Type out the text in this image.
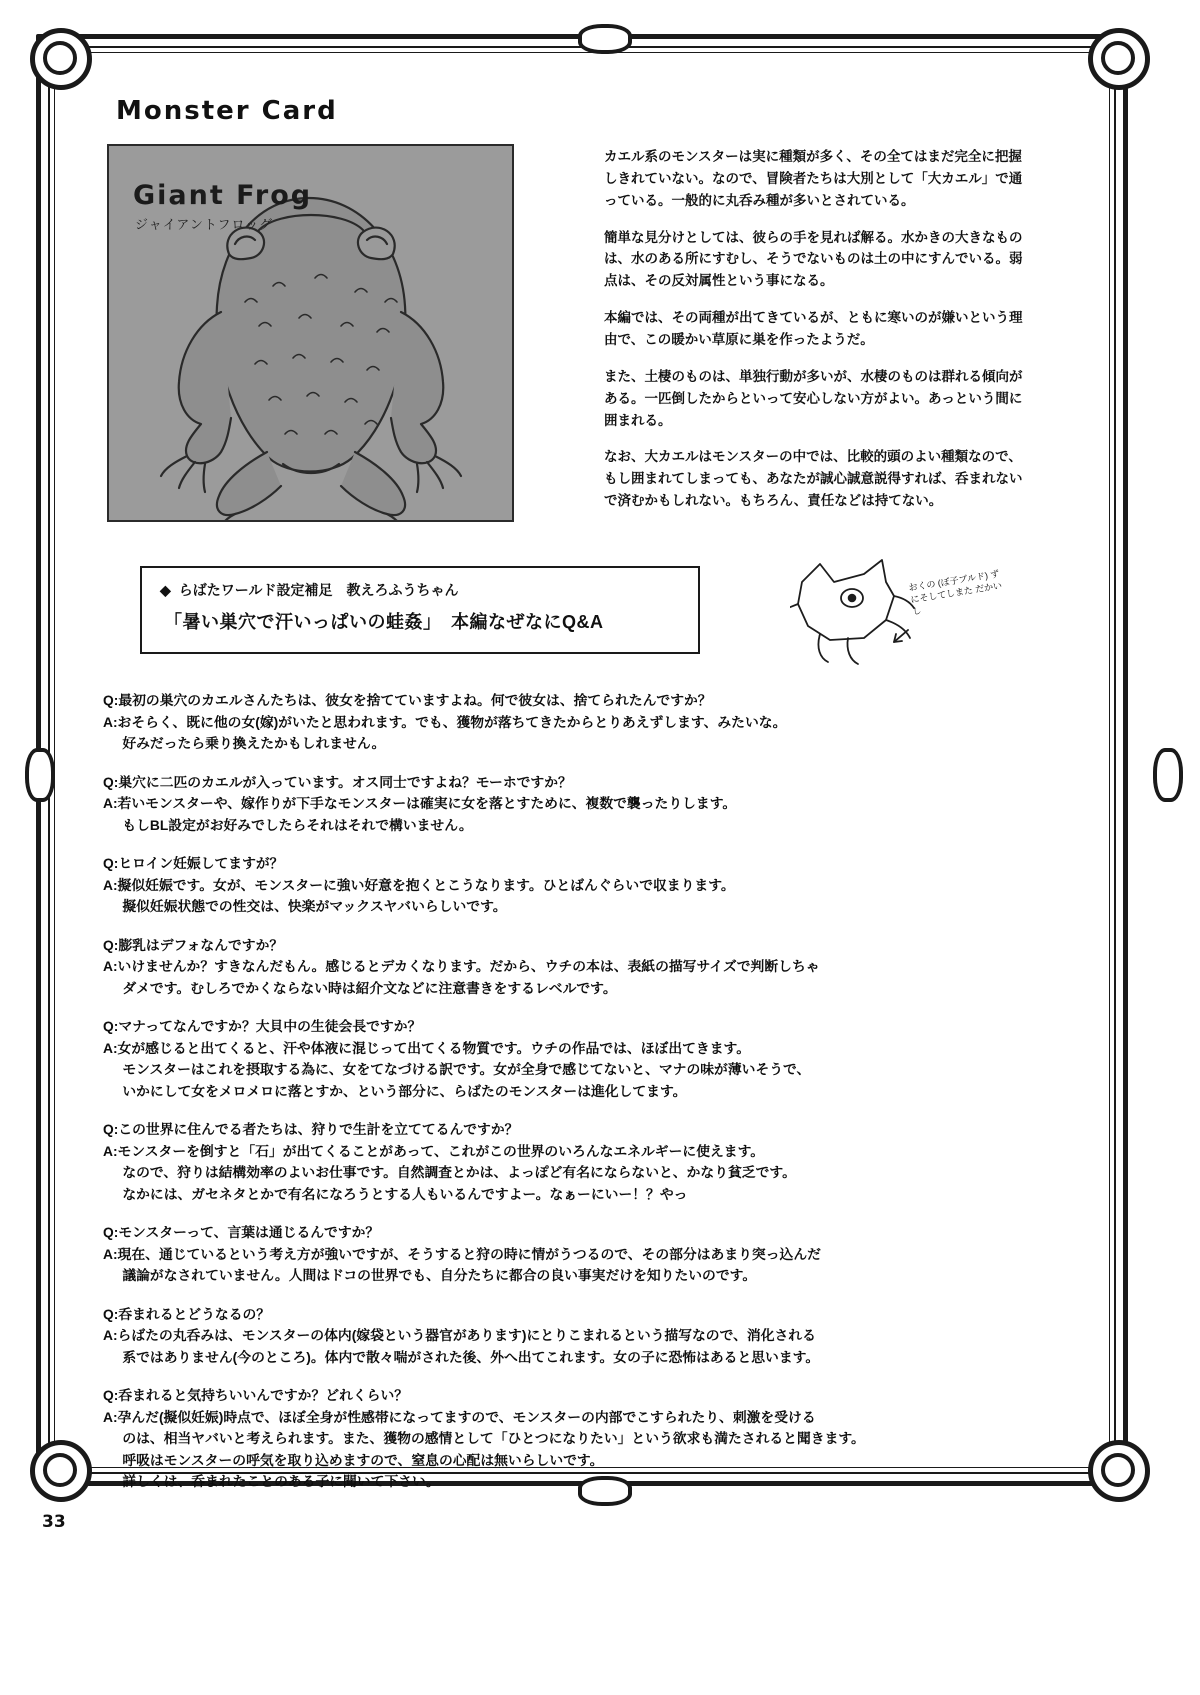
Monster Card
Giant Frog
ジャイアントフロッグ

カエル系のモンスターは実に種類が多く、その全てはまだ完全に把握しきれていない。なので、冒険者たちは大別として「大カエル」で通っている。一般的に丸呑み種が多いとされている。

簡単な見分けとしては、彼らの手を見れば解る。水かきの大きなものは、水のある所にすむし、そうでないものは土の中にすんでいる。弱点は、その反対属性という事になる。

本編では、その両種が出てきているが、ともに寒いのが嫌いという理由で、この暖かい草原に巣を作ったようだ。

また、土棲のものは、単独行動が多いが、水棲のものは群れる傾向がある。一匹倒したからといって安心しない方がよい。あっという間に囲まれる。

なお、大カエルはモンスターの中では、比較的頭のよい種類なので、もし囲まれてしまっても、あなたが誠心誠意説得すれば、呑まれないで済むかもしれない。もちろん、責任などは持てない。

◆ らばたワールド設定補足　教えろふうちゃん
「暑い巣穴で汗いっぱいの蛙姦」　本編なぜなにQ&A
おくの (ぼ子ブルド) ずにそしてしまた だかいし

Q:最初の巣穴のカエルさんたちは、彼女を捨てていますよね。何で彼女は、捨てられたんですか？

A:おそらく、既に他の女(嫁)がいたと思われます。でも、獲物が落ちてきたからとりあえずします、みたいな。

好みだったら乗り換えたかもしれません。

Q:巣穴に二匹のカエルが入っています。オス同士ですよね？モーホですか？

A:若いモンスターや、嫁作りが下手なモンスターは確実に女を落とすために、複数で襲ったりします。

もしBL設定がお好みでしたらそれはそれで構いません。

Q:ヒロイン妊娠してますが？

A:擬似妊娠です。女が、モンスターに強い好意を抱くとこうなります。ひとばんぐらいで収まります。

擬似妊娠状態での性交は、快楽がマックスヤバいらしいです。

Q:膨乳はデフォなんですか？

A:いけませんか？すきなんだもん。感じるとデカくなります。だから、ウチの本は、表紙の描写サイズで判断しちゃ

ダメです。むしろでかくならない時は紹介文などに注意書きをするレベルです。

Q:マナってなんですか？大貝中の生徒会長ですか？

A:女が感じると出てくると、汗や体液に混じって出てくる物質です。ウチの作品では、ほぼ出てきます。

モンスターはこれを摂取する為に、女をてなづける訳です。女が全身で感じてないと、マナの味が薄いそうで、

いかにして女をメロメロに落とすか、という部分に、らばたのモンスターは進化してます。

Q:この世界に住んでる者たちは、狩りで生計を立ててるんですか？

A:モンスターを倒すと「石」が出てくることがあって、これがこの世界のいろんなエネルギーに使えます。

なので、狩りは結構効率のよいお仕事です。自然調査とかは、よっぽど有名にならないと、かなり貧乏です。

なかには、ガセネタとかで有名になろうとする人もいるんですよー。なぁーにいー！？やっ

Q:モンスターって、言葉は通じるんですか？

A:現在、通じているという考え方が強いですが、そうすると狩の時に情がうつるので、その部分はあまり突っ込んだ

議論がなされていません。人間はドコの世界でも、自分たちに都合の良い事実だけを知りたいのです。

Q:呑まれるとどうなるの？

A:らばたの丸呑みは、モンスターの体内(嫁袋という器官があります)にとりこまれるという描写なので、消化される

系ではありません(今のところ)。体内で散々喘がされた後、外へ出てこれます。女の子に恐怖はあると思います。

Q:呑まれると気持ちいいんですか？どれくらい？

A:孕んだ(擬似妊娠)時点で、ほぼ全身が性感帯になってますので、モンスターの内部でこすられたり、刺激を受ける

のは、相当ヤバいと考えられます。また、獲物の感情として「ひとつになりたい」という欲求も満たされると聞きます。

呼吸はモンスターの呼気を取り込めますので、窒息の心配は無いらしいです。

詳しくは、呑まれたことのある子に聞いて下さい。

33
